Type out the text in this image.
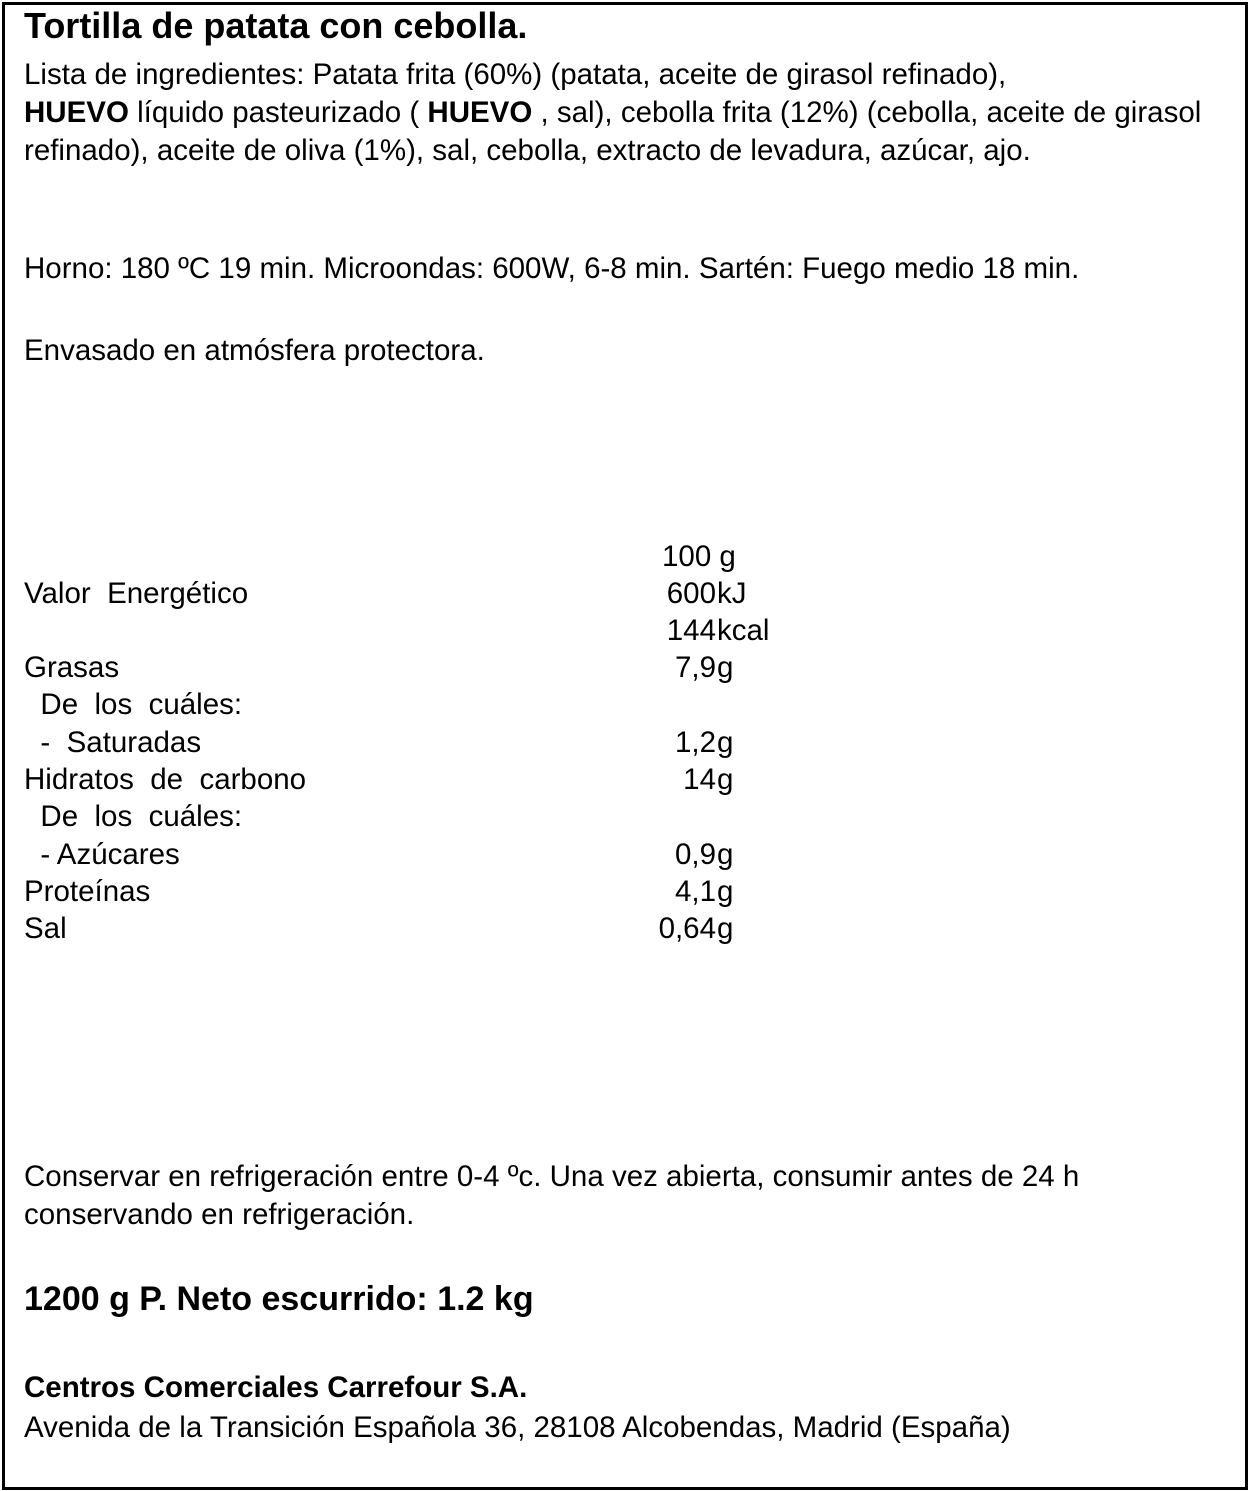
Tortilla de patata con cebolla.
Lista de ingredientes: Patata frita (60%) (patata, aceite de girasol refinado),
HUEVO líquido pasteurizado ( HUEVO , sal), cebolla frita (12%) (cebolla, aceite de girasol refinado), aceite de oliva (1%), sal, cebolla, extracto de levadura, azúcar, ajo.
Horno: 180 ºC 19 min. Microondas: 600W, 6-8 min. Sartén: Fuego medio 18 min.
Envasado en atmósfera protectora.
100 g
Valor  Energético	600 kJ
144 kcal
Grasas	7,9 g
De  los  cuáles:
-  Saturadas	1,2 g
Hidratos  de  carbono	14 g
De  los  cuáles:
- Azúcares	0,9 g
Proteínas	4,1 g
Sal	0,64 g
Conservar en refrigeración entre 0-4 ºc. Una vez abierta, consumir antes de 24 h conservando en refrigeración.
1200 g P. Neto escurrido: 1.2 kg
Centros Comerciales Carrefour S.A.
Avenida de la Transición Española 36, 28108 Alcobendas, Madrid (España)
